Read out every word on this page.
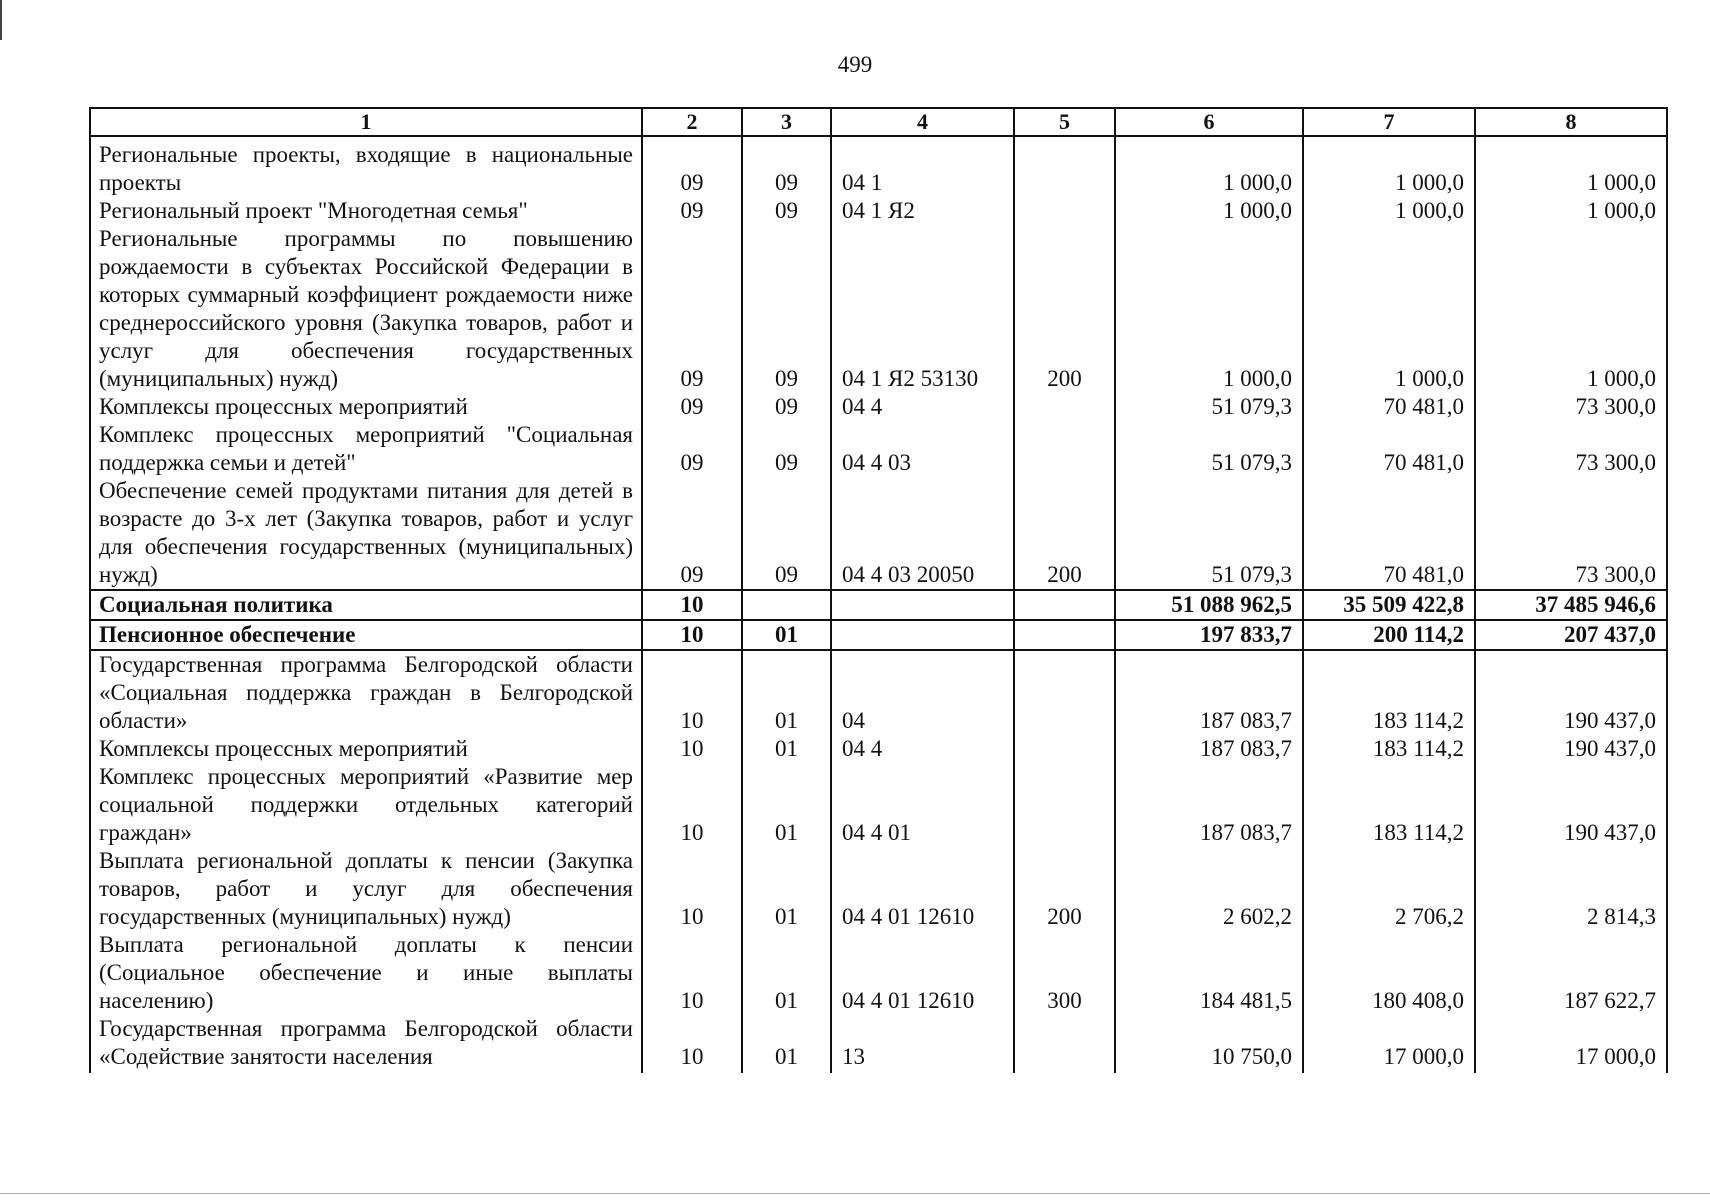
499
1	2	3	4	5	6	7	8
Региональные проекты, входящие в национальные проекты	09	09	04 1		1 000,0	1 000,0	1 000,0
Региональный проект "Многодетная семья"	09	09	04 1 Я2		1 000,0	1 000,0	1 000,0
Региональные программы по повышению рождаемости в субъектах Российской Федерации в которых суммарный коэффициент рождаемости ниже среднероссийского уровня (Закупка товаров, работ и услуг для обеспечения государственных (муниципальных) нужд)	09	09	04 1 Я2 53130	200	1 000,0	1 000,0	1 000,0
Комплексы процессных мероприятий	09	09	04 4		51 079,3	70 481,0	73 300,0
Комплекс процессных мероприятий "Социальная поддержка семьи и детей"	09	09	04 4 03		51 079,3	70 481,0	73 300,0
Обеспечение семей продуктами питания для детей в возрасте до 3-х лет (Закупка товаров, работ и услуг для обеспечения государственных (муниципальных) нужд)	09	09	04 4 03 20050	200	51 079,3	70 481,0	73 300,0
Социальная политика	10				51 088 962,5	35 509 422,8	37 485 946,6
Пенсионное обеспечение	10	01			197 833,7	200 114,2	207 437,0
Государственная программа Белгородской области «Социальная поддержка граждан в Белгородской области»	10	01	04		187 083,7	183 114,2	190 437,0
Комплексы процессных мероприятий	10	01	04 4		187 083,7	183 114,2	190 437,0
Комплекс процессных мероприятий «Развитие мер социальной поддержки отдельных категорий граждан»	10	01	04 4 01		187 083,7	183 114,2	190 437,0
Выплата региональной доплаты к пенсии (Закупка товаров, работ и услуг для обеспечения государственных (муниципальных) нужд)	10	01	04 4 01 12610	200	2 602,2	2 706,2	2 814,3
Выплата региональной доплаты к пенсии (Социальное обеспечение и иные выплаты населению)	10	01	04 4 01 12610	300	184 481,5	180 408,0	187 622,7
Государственная программа Белгородской области «Содействие занятости населения	10	01	13		10 750,0	17 000,0	17 000,0
